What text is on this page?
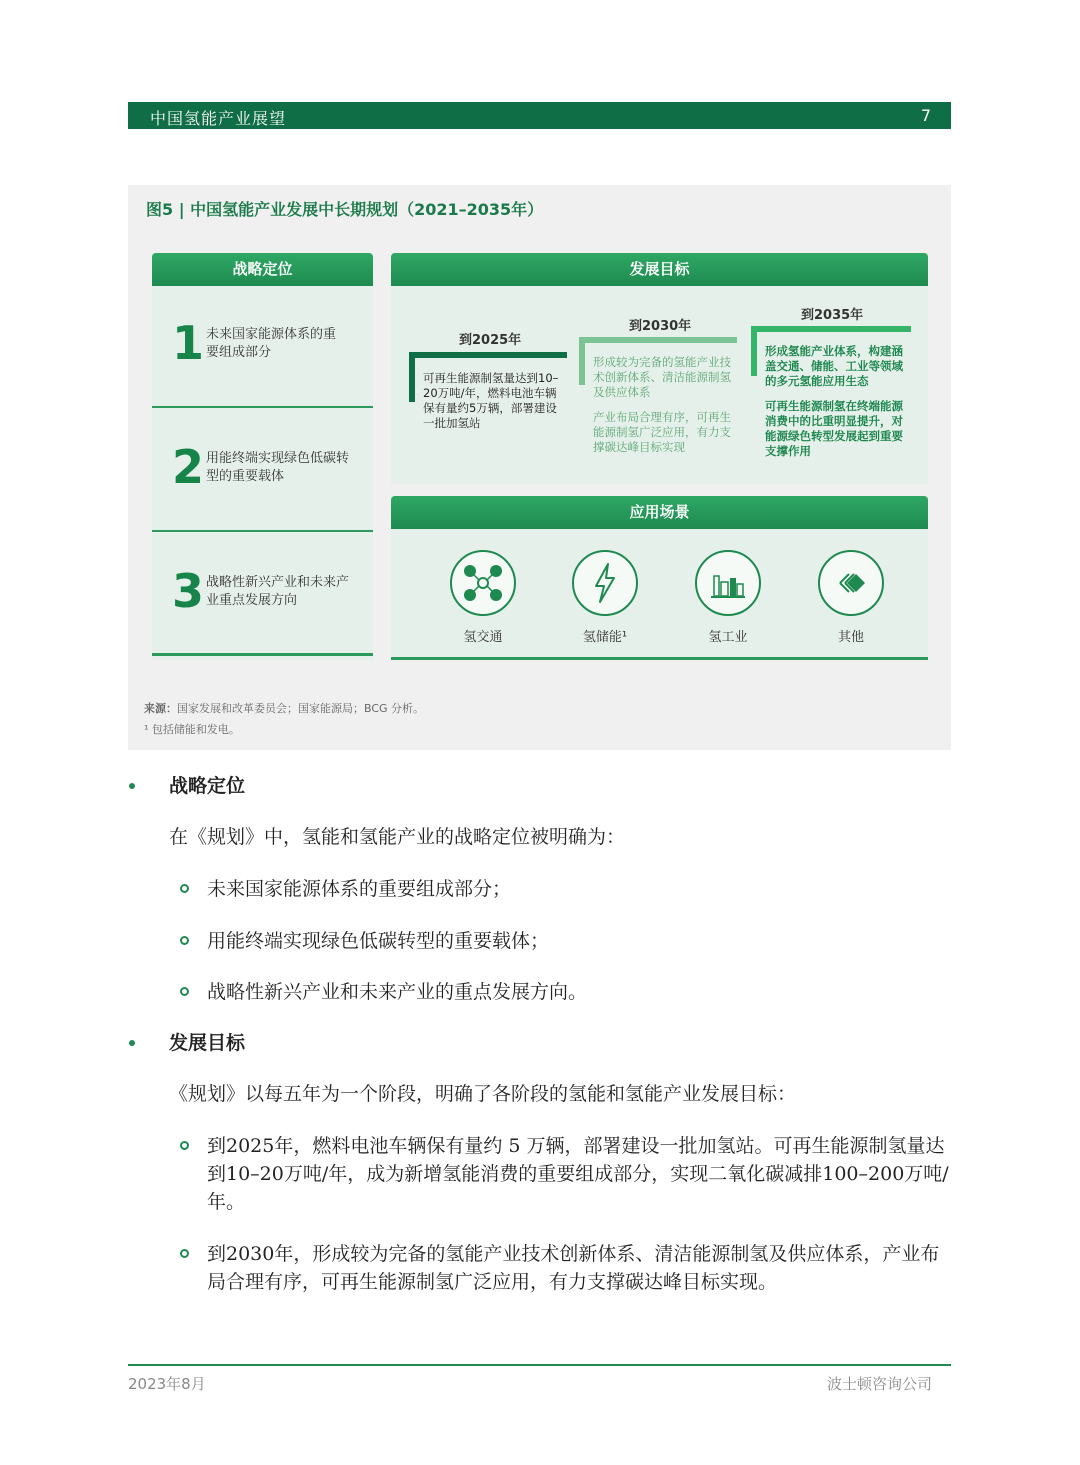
中国氢能产业展望	7
图5 | 中国氢能产业发展中长期规划（2021–2035年）
战略定位
1 未来国家能源体系的重要组成部分
2 用能终端实现绿色低碳转型的重要载体
3 战略性新兴产业和未来产业重点发展方向
发展目标
到2025年
可再生能源制氢量达到10–20万吨/年，燃料电池车辆保有量约5万辆，部署建设一批加氢站
到2030年
形成较为完备的氢能产业技术创新体系、清洁能源制氢及供应体系
产业布局合理有序，可再生能源制氢广泛应用，有力支撑碳达峰目标实现
到2035年
形成氢能产业体系，构建涵盖交通、储能、工业等领域的多元氢能应用生态
可再生能源制氢在终端能源消费中的比重明显提升，对能源绿色转型发展起到重要支撑作用
应用场景
氢交通	氢储能¹	氢工业	其他
来源：国家发展和改革委员会；国家能源局；BCG 分析。
¹ 包括储能和发电。
战略定位
在《规划》中，氢能和氢能产业的战略定位被明确为：
未来国家能源体系的重要组成部分；
用能终端实现绿色低碳转型的重要载体；
战略性新兴产业和未来产业的重点发展方向。
发展目标
《规划》以每五年为一个阶段，明确了各阶段的氢能和氢能产业发展目标：
到2025年，燃料电池车辆保有量约 5 万辆，部署建设一批加氢站。可再生能源制氢量达到10–20万吨/年，成为新增氢能消费的重要组成部分，实现二氧化碳减排100–200万吨/年。
到2030年，形成较为完备的氢能产业技术创新体系、清洁能源制氢及供应体系，产业布局合理有序，可再生能源制氢广泛应用，有力支撑碳达峰目标实现。
2023年8月	波士顿咨询公司
